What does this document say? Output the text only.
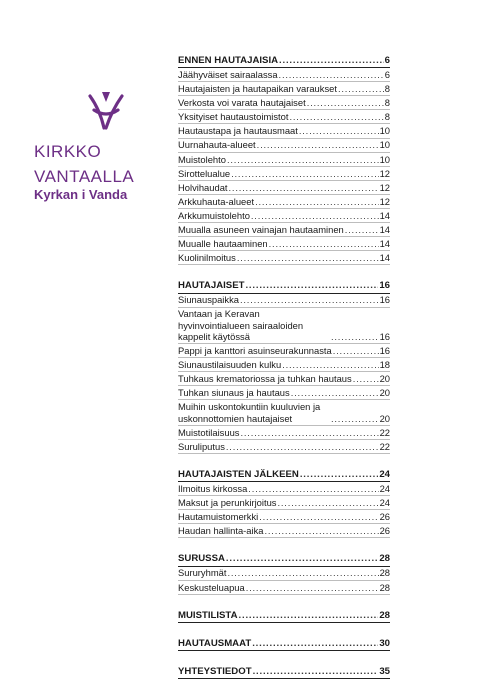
KIRKKO
VANTAALLA
Kyrkan i Vanda
ENNEN HAUTAJAISIA .....	6
Jäähyväiset sairaalassa .....	6
Hautajaisten ja hautapaikan varaukset .....	8
Verkosta voi varata hautajaiset .....	8
Yksityiset hautaustoimistot .....	8
Hautaustapa ja hautausmaat .....	10
Uurnahauta-alueet .....	10
Muistolehto .....	10
Sirottelualue .....	12
Holvihaudat .....	12
Arkkuhauta-alueet .....	12
Arkkumuistolehto .....	14
Muualla asuneen vainajan hautaaminen .....	14
Muualle hautaaminen .....	14
Kuolinilmoitus .....	14
HAUTAJAISET .....	16
Siunauspaikka .....	16
Vantaan ja Keravan hyvinvointialueen sairaaloiden kappelit käytössä .....	16
Pappi ja kanttori asuinseurakunnasta .....	16
Siunaustilaisuuden kulku .....	18
Tuhkaus krematoriossa ja tuhkan hautaus .....	20
Tuhkan siunaus ja hautaus .....	20
Muihin uskontokuntiin kuuluvien ja uskonnottomien hautajaiset .....	20
Muistotilaisuus .....	22
Suruliputus .....	22
HAUTAJAISTEN JÄLKEEN .....	24
Ilmoitus kirkossa .....	24
Maksut ja perunkirjoitus .....	24
Hautamuistomerkki .....	26
Haudan hallinta-aika .....	26
SURUSSA .....	28
Sururyhmät .....	28
Keskusteluapua .....	28
MUISTILISTA .....	28
HAUTAUSMAAT .....	30
YHTEYSTIEDOT .....	35
